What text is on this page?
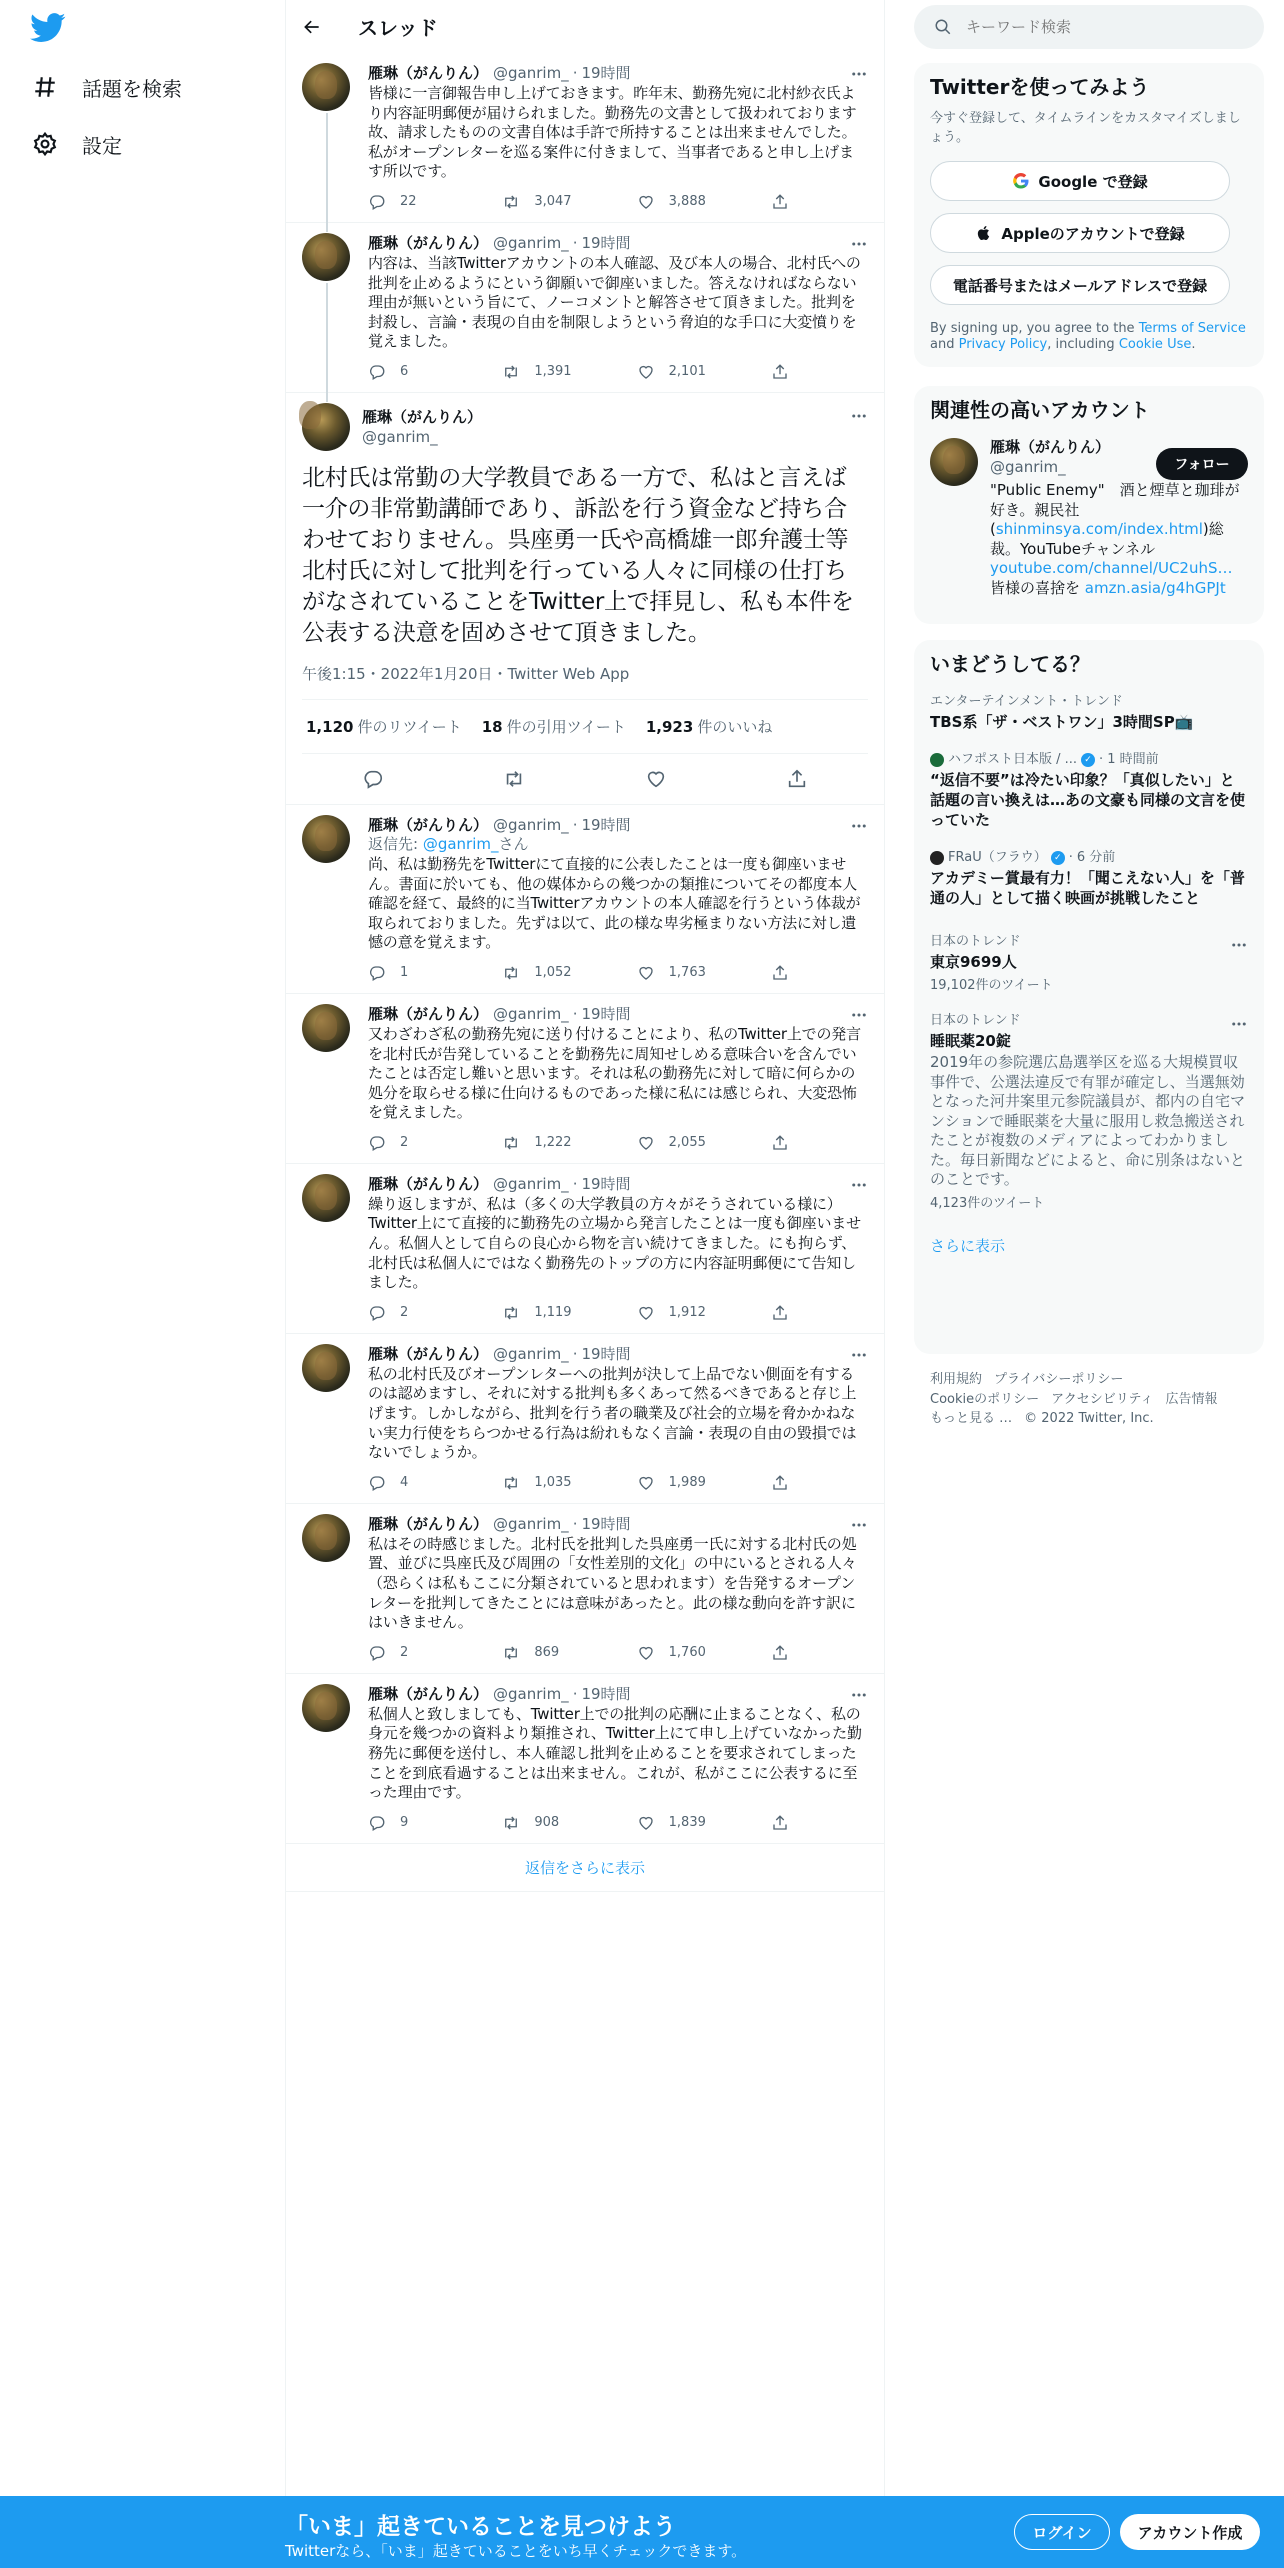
話題を検索
設定
スレッド
雁琳（がんりん） @ganrim_ · 19時間
皆様に一言御報告申し上げておきます。昨年末、勤務先宛に北村紗衣氏より内容証明郵便が届けられました。勤務先の文書として扱われております故、請求したものの文書自体は手許で所持することは出来ませんでした。私がオープンレターを巡る案件に付きまして、当事者であると申し上げます所以です。
22	3,047	3,888
雁琳（がんりん） @ganrim_ · 19時間
内容は、当該Twitterアカウントの本人確認、及び本人の場合、北村氏への批判を止めるようにという御願いで御座いました。答えなければならない理由が無いという旨にて、ノーコメントと解答させて頂きました。批判を封殺し、言論・表現の自由を制限しようという脅迫的な手口に大変憤りを覚えました。
6	1,391	2,101
雁琳（がんりん）
@ganrim_
北村氏は常勤の大学教員である一方で、私はと言えば一介の非常勤講師であり、訴訟を行う資金など持ち合わせておりません。呉座勇一氏や高橋雄一郎弁護士等北村氏に対して批判を行っている人々に同様の仕打ちがなされていることをTwitter上で拝見し、私も本件を公表する決意を固めさせて頂きました。
午後1:15・2022年1月20日・Twitter Web App
1,120 件のリツイート 18 件の引用ツイート 1,923 件のいいね
雁琳（がんりん） @ganrim_ · 19時間
返信先: @ganrim_さん
尚、私は勤務先をTwitterにて直接的に公表したことは一度も御座いません。書面に於いても、他の媒体からの幾つかの類推についてその都度本人確認を経て、最終的に当Twitterアカウントの本人確認を行うという体裁が取られておりました。先ずは以て、此の様な卑劣極まりない方法に対し遺憾の意を覚えます。
1	1,052	1,763
雁琳（がんりん） @ganrim_ · 19時間
又わざわざ私の勤務先宛に送り付けることにより、私のTwitter上での発言を北村氏が告発していることを勤務先に周知せしめる意味合いを含んでいたことは否定し難いと思います。それは私の勤務先に対して暗に何らかの処分を取らせる様に仕向けるものであった様に私には感じられ、大変恐怖を覚えました。
2	1,222	2,055
雁琳（がんりん） @ganrim_ · 19時間
繰り返しますが、私は（多くの大学教員の方々がそうされている様に）Twitter上にて直接的に勤務先の立場から発言したことは一度も御座いません。私個人として自らの良心から物を言い続けてきました。にも拘らず、北村氏は私個人にではなく勤務先のトップの方に内容証明郵便にて告知しました。
2	1,119	1,912
雁琳（がんりん） @ganrim_ · 19時間
私の北村氏及びオープンレターへの批判が決して上品でない側面を有するのは認めますし、それに対する批判も多くあって然るべきであると存じ上げます。しかしながら、批判を行う者の職業及び社会的立場を脅かかねない実力行使をちらつかせる行為は紛れもなく言論・表現の自由の毀損ではないでしょうか。
4	1,035	1,989
雁琳（がんりん） @ganrim_ · 19時間
私はその時感じました。北村氏を批判した呉座勇一氏に対する北村氏の処置、並びに呉座氏及び周囲の「女性差別的文化」の中にいるとされる人々（恐らくは私もここに分類されていると思われます）を告発するオープンレターを批判してきたことには意味があったと。此の様な動向を許す訳にはいきません。
2	869	1,760
雁琳（がんりん） @ganrim_ · 19時間
私個人と致しましても、Twitter上での批判の応酬に止まることなく、私の身元を幾つかの資料より類推され、Twitter上にて申し上げていなかった勤務先に郵便を送付し、本人確認し批判を止めることを要求されてしまったことを到底看過することは出来ません。これが、私がここに公表するに至った理由です。
9	908	1,839
返信をさらに表示
キーワード検索
Twitterを使ってみよう
今すぐ登録して、タイムラインをカスタマイズしましょう。
Google で登録
Appleのアカウントで登録
電話番号またはメールアドレスで登録
By signing up, you agree to the Terms of Service and Privacy Policy, including Cookie Use.
関連性の高いアカウント
雁琳（がんりん）
@ganrim_
"Public Enemy"　酒と煙草と珈琲が好き。親民社(shinminsya.com/index.html)総裁。YouTubeチャンネルyoutube.com/channel/UC2uhS… 皆様の喜捨を amzn.asia/g4hGPJt
フォロー
いまどうしてる？
エンターテインメント・トレンド
TBS系「ザ・ベストワン」3時間SP📺
ハフポスト日本版 / ... ✓ · 1 時間前
“返信不要”は冷たい印象？「真似したい」と話題の言い換えは…あの文豪も同様の文言を使っていた
FRaU（フラウ） ✓ · 6 分前
アカデミー賞最有力！「聞こえない人」を「普通の人」として描く映画が挑戦したこと
日本のトレンド
東京9699人
19,102件のツイート
日本のトレンド
睡眠薬20錠
2019年の参院選広島選挙区を巡る大規模買収事件で、公選法違反で有罪が確定し、当選無効となった河井案里元参院議員が、都内の自宅マンションで睡眠薬を大量に服用し救急搬送されたことが複数のメディアによってわかりました。毎日新聞などによると、命に別条はないとのことです。
4,123件のツイート
さらに表示
利用規約 プライバシーポリシー
Cookieのポリシー アクセシビリティ 広告情報
もっと見る … © 2022 Twitter, Inc.
「いま」起きていることを見つけよう
Twitterなら、「いま」起きていることをいち早くチェックできます。
ログイン	アカウント作成
